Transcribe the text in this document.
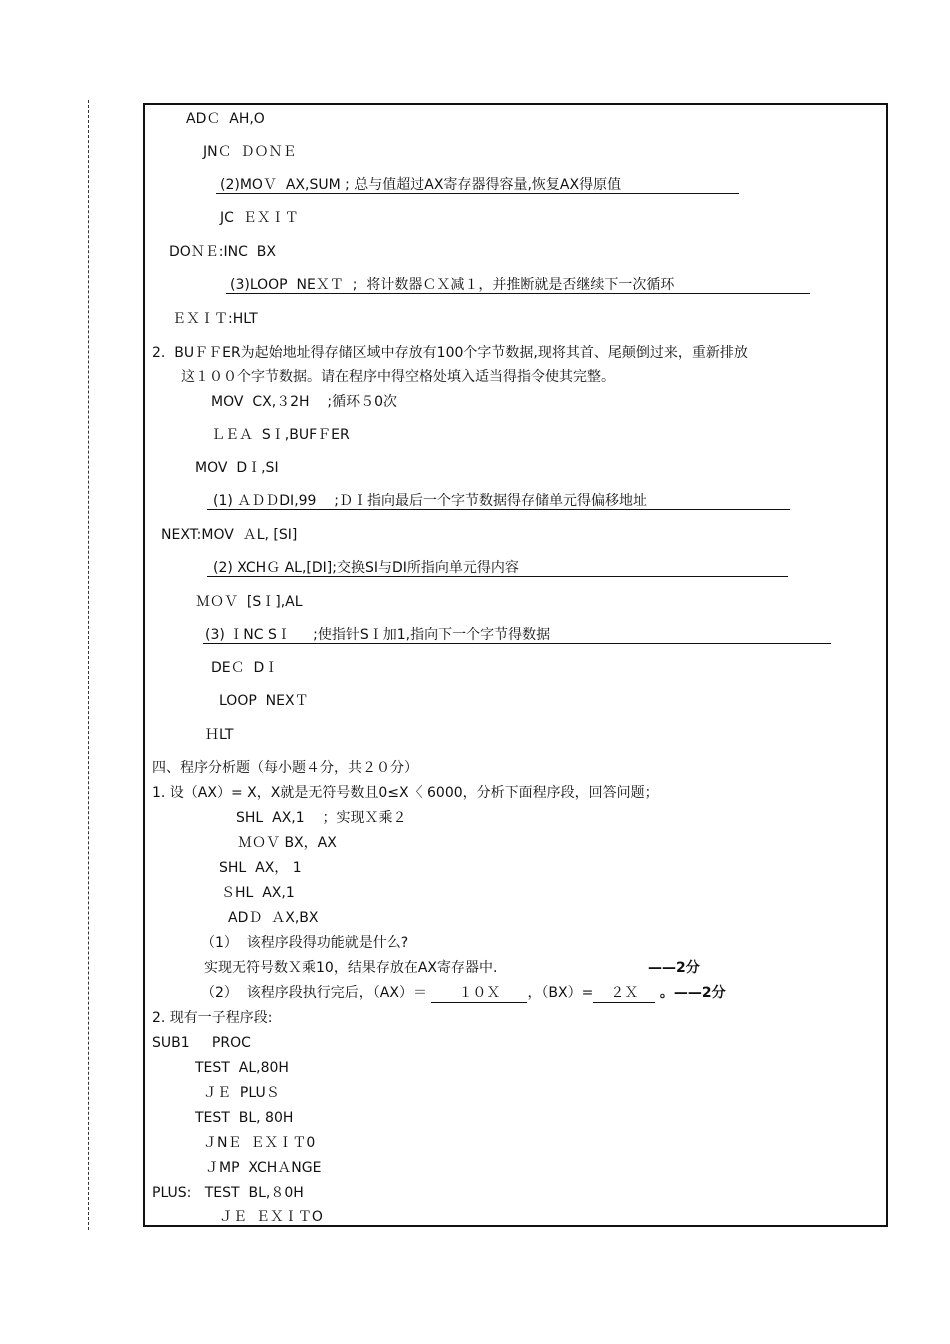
ADＣ  AH,O
JNＣ  ＤＯＮＥ
(2)MOＶ  AX,SUM ; 总与值超过AX寄存器得容量,恢复AX得原值
JC  ＥＸＩＴ
DOＮＥ:INC  BX
(3)LOOP  NEＸＴ  ;  将计数器ＣＸ减１，并推断就是否继续下一次循环
ＥＸＩＴ:HLT
2.  BUＦＦER为起始地址得存储区域中存放有100个字节数据,现将其首、尾颠倒过来，重新排放
这１００个字节数据。请在程序中得空格处填入适当得指令使其完整。
MOV  CX,３2H    ;循环５0次
ＬＥＡ  SＩ,BUFＦER
MOV  DＩ,SI
(1) ＡＤＤDI,99    ;ＤＩ指向最后一个字节数据得存储单元得偏移地址
NEXT:MOV  ＡL, [SI]
(2) XCHＧ AL,[DI];交换SI与DI所指向单元得内容
ＭＯＶ  [SＩ],AL
(3) ＩNC SＩ     ;使指针SＩ加1,指向下一个字节得数据
DEＣ  DＩ
LOOP  NEXＴ
ＨLT
四、程序分析题（每小题４分，共２０分）
1. 设（AX）= X，X就是无符号数且0≤X〈 6000，分析下面程序段，回答问题；
SHL  AX,1    ；实现Ｘ乘２
ＭＯＶ BX，AX
SHL  AX， 1
ＳHL  AX,1
ADＤ  ＡX,BX
（1）  该程序段得功能就是什么?
实现无符号数Ｘ乘10，结果存放在AX寄存器中.	——2分
（2）  该程序段执行完后，（AX）＝ １０Ｘ ，（BX）= ２Ｘ 。——2分
2. 现有一子程序段:
SUB1     PROC
TEST  AL,80H
ＪＥ  PLUＳ
TEST  BL, 80H
ＪNＥ  ＥＸＩＴ0
ＪMP  XCHＡNGE
PLUS:   TEST  BL,８0H
ＪＥ  ＥＸＩＴO
